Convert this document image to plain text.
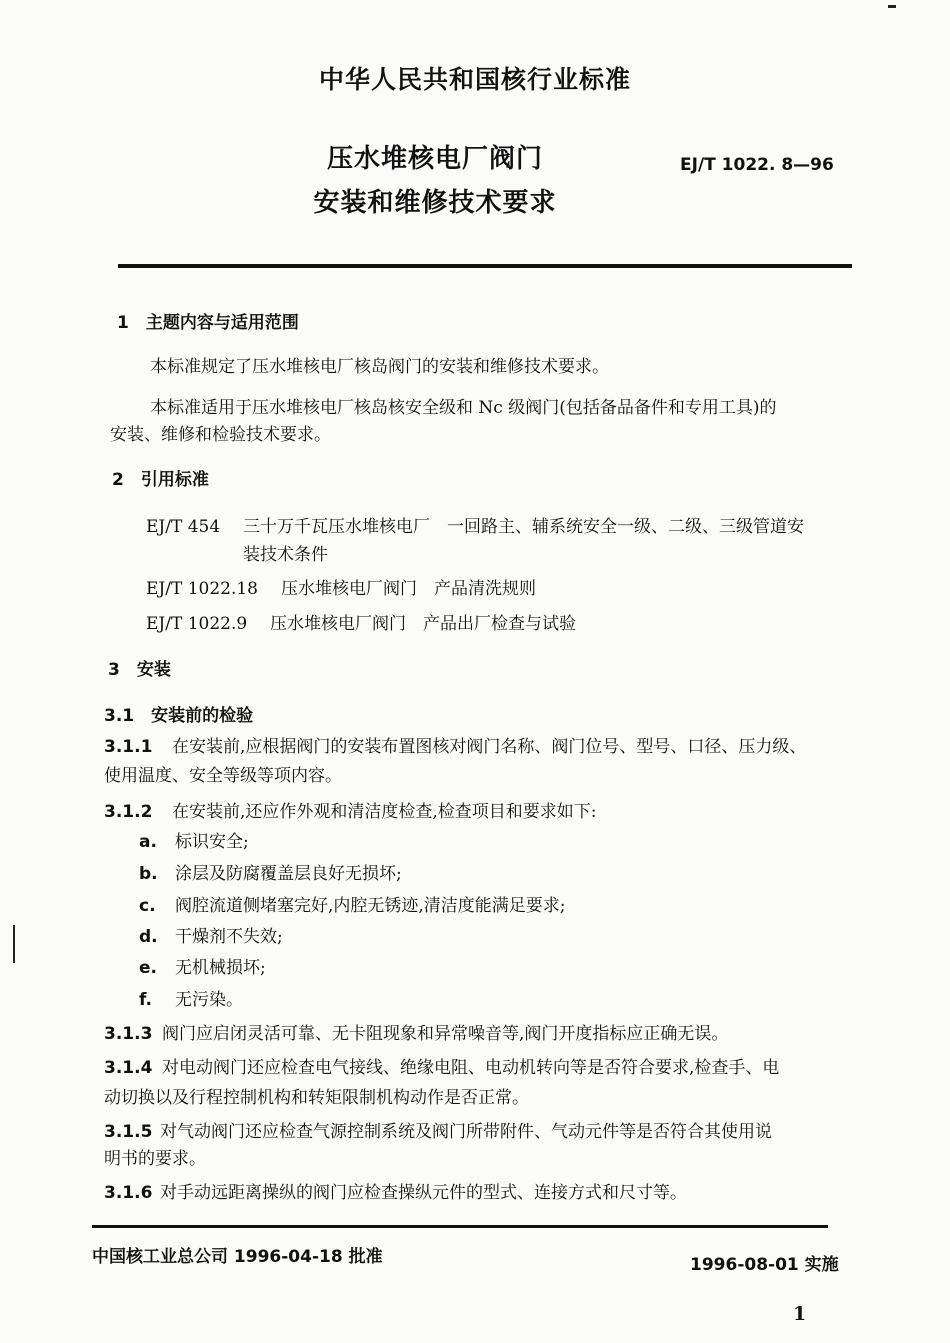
中华人民共和国核行业标准
压水堆核电厂阀门
安装和维修技术要求
EJ/T 1022. 8—96
1　主题内容与适用范围
本标准规定了压水堆核电厂核岛阀门的安装和维修技术要求。
本标准适用于压水堆核电厂核岛核安全级和 Nc 级阀门(包括备品备件和专用工具)的
安装、维修和检验技术要求。
2　引用标准
EJ/T 454 三十万千瓦压水堆核电厂　一回路主、辅系统安全一级、二级、三级管道安
装技术条件
EJ/T 1022.18 压水堆核电厂阀门　产品清洗规则
EJ/T 1022.9 压水堆核电厂阀门　产品出厂检查与试验
3　安装
3.1　安装前的检验
3.1.1 在安装前,应根据阀门的安装布置图核对阀门名称、阀门位号、型号、口径、压力级、
使用温度、安全等级等项内容。
3.1.2 在安装前,还应作外观和清洁度检查,检查项目和要求如下:
a. 标识安全;
b. 涂层及防腐覆盖层良好无损坏;
c. 阀腔流道侧堵塞完好,内腔无锈迹,清洁度能满足要求;
d. 干燥剂不失效;
e. 无机械损坏;
f. 无污染。
3.1.3 阀门应启闭灵活可靠、无卡阻现象和异常噪音等,阀门开度指标应正确无误。
3.1.4 对电动阀门还应检查电气接线、绝缘电阻、电动机转向等是否符合要求,检查手、电
动切换以及行程控制机构和转矩限制机构动作是否正常。
3.1.5 对气动阀门还应检查气源控制系统及阀门所带附件、气动元件等是否符合其使用说
明书的要求。
3.1.6 对手动远距离操纵的阀门应检查操纵元件的型式、连接方式和尺寸等。
中国核工业总公司 1996-04-18 批准	1996-08-01 实施
1
